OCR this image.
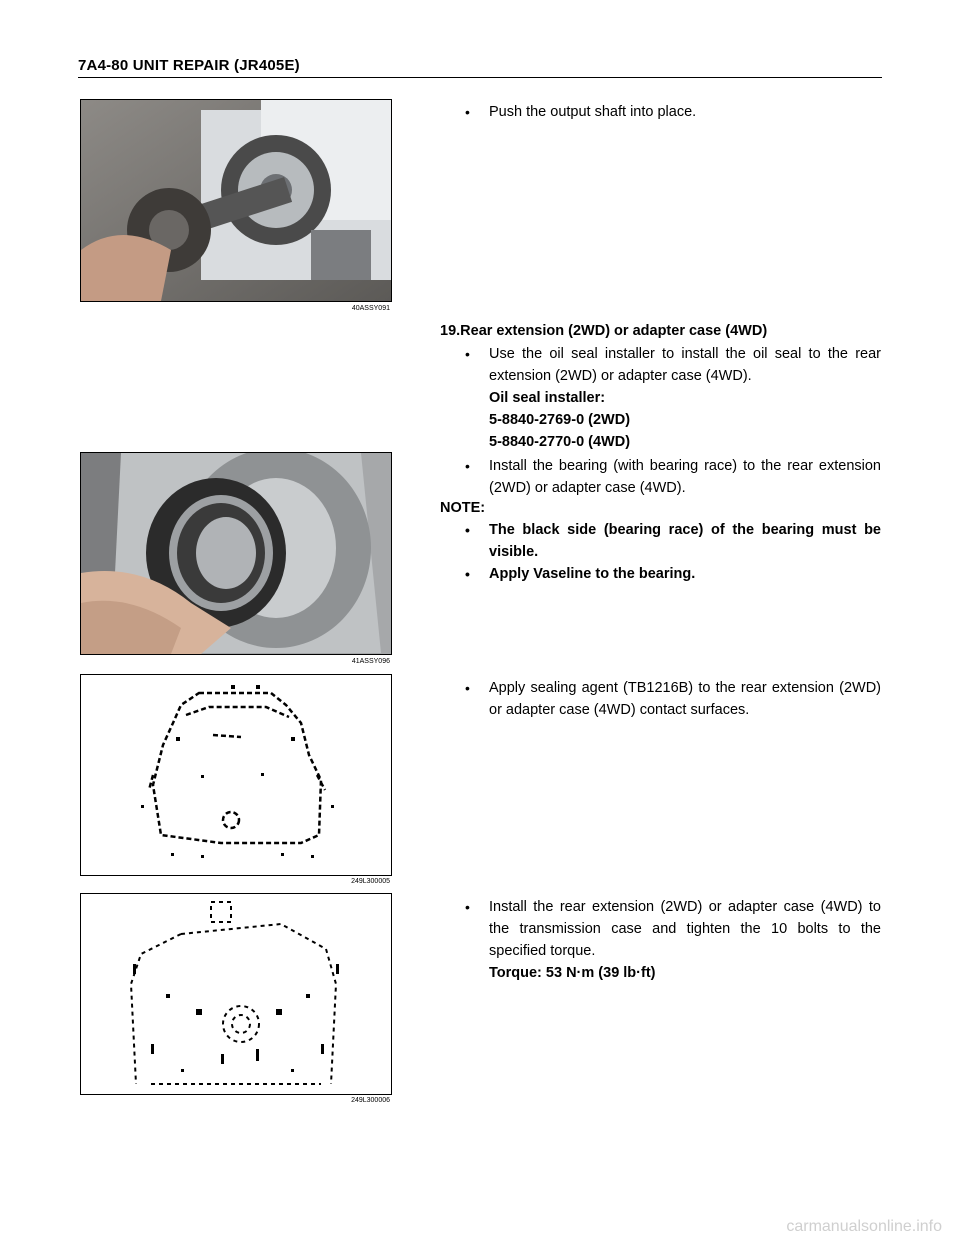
7A4-80 UNIT REPAIR (JR405E)
40ASSY091
41ASSY096
249L300005
249L300006
•	Push the output shaft into place.
19.Rear extension (2WD) or adapter case (4WD)
•	Use the oil seal installer to install the oil seal to the rear extension (2WD) or adapter case (4WD).
Oil seal installer:
5-8840-2769-0 (2WD)
5-8840-2770-0 (4WD)
•	Install the bearing (with bearing race) to the rear extension (2WD) or adapter case (4WD).
NOTE:
•	The black side (bearing race) of the bearing must be visible.
•	Apply Vaseline to the bearing.
•	Apply sealing agent (TB1216B) to the rear extension (2WD) or adapter case (4WD) contact surfaces.
•	Install the rear extension (2WD) or adapter case (4WD) to the transmission case and tighten the 10 bolts to the specified torque.
Torque: 53 N·m (39 lb·ft)
carmanualsonline.info
